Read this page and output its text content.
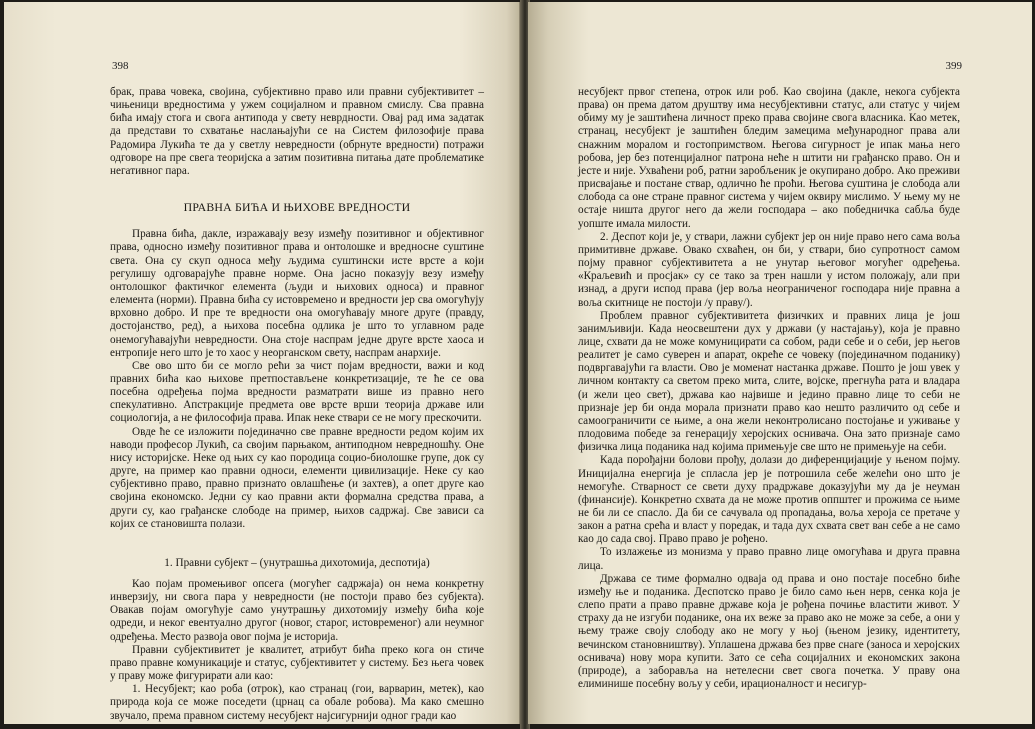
398

брак, права човека, својина, субјективно право или правни субјективитет – чињеници вредностима у ужем социјалном и правном смислу. Сва правна бића имају стога и свога антипода у свету неврдности. Овај рад има задатак да представи то схватање наслањајући се на Систем филозофије права Радомира Лукића те да у светлу невредности (обрнуте вредности) потражи одговоре на пре свега теоријска а затим позитивна питања дате проблематике негативног пара.

ПРАВНА БИЋА И ЊИХОВЕ ВРЕДНОСТИ

Правна бића, дакле, изражавају везу између позитивног и објективног права, односно између позитивног права и онтолошке и вредносне суштине света. Она су скуп односа међу људима суштински исте врсте а који регулишу одговарајуће правне норме. Она јасно показују везу између онтолошког фактичког елемента (људи и њихових односа) и правног елемента (норми). Правна бића су истовремено и вредности јер сва омогућују врховно добро. И пре те вредности она омогућавају многе друге (правду, достојанство, ред), а њихова посебна одлика је што то углавном раде онемогућавајући невредности. Она стоје наспрам једне друге врсте хаоса и ентропије него што је то хаос у неорганском свету, наспрам анархије.

Све ово што би се могло рећи за чист појам вредности, важи и код правних бића као њихове претпостављене конкретизације, те ће се ова посебна одређења појма вредности разматрати више из правно него спекулативно. Апстракције предмета ове врсте врши теорија државе или социологија, а не философија права. Ипак неке ствари се не могу прескочити.

Овде ће се изложити појединачно све правне вредности редом којим их наводи професор Лукић, са својим парњаком, антиподном невредношћу. Оне нису историјске. Неке од њих су као породица социо-биолошке групе, док су друге, на пример као правни односи, елементи цивилизације. Неке су као субјективно право, правно признато овлашћење (и захтев), а опет друге као својина економско. Једни су као правни акти формална средства права, а други су, као грађанске слободе на пример, њихов садржај. Све зависи са којих се становишта полази.

1. Правни субјект – (унутрашња дихотомија, деспотија)

Као појам промењивог опсега (могућег садржаја) он нема конкретну инверзију, ни свога пара у невредности (не постоји право без субјекта). Овакав појам омогућује само унутрашњу дихотомију између бића које одреди, и неког евентуално другог (новог, старог, истовременог) али неумног одређења. Место развоја овог појма је историја.

Правни субјективитет је квалитет, атрибут бића преко кога он стиче право правне комуникације и статус, субјективитет у систему. Без њега човек у праву може фигурирати али као:

1. Несубјект; као роба (отрок), као странац (гои, варварин, метек), као природа која се може поседети (црнац са обале робова). Ма како смешно звучало, према правном систему несубјект најсигурнији одног гради као

399

несубјект првог степена, отрок или роб. Као својина (дакле, некога субјекта права) он према датом друштву има несубјективни статус, али статус у чијем обиму му је заштићена личност преко права својине свога власника. Као метек, странац, несубјект је заштићен бледим замецима међународног права али снажним моралом и гостопримством. Његова сигурност је ипак мања него робова, јер без потенцијалног патрона неће н штити ни грађанско право. Он и јесте и није. Ухваћени роб, ратни заробљеник је окупирано добро. Ако преживи присвајање и постане ствар, одлично ће проћи. Његова суштина је слобода али слобода са оне стране правног система у чијем оквиру мислимо. У њему му не остаје ништа другог него да жели господара – ако победничка сабља буде уопште имала милости.

2. Деспот који је, у ствари, лажни субјект јер он није право него сама воља примитивне државе. Овако схваћен, он би, у ствари, био супротност самом појму правног субјективитета а не унутар његовог могућег одређења. «Краљевић и просјак» су се тако за трен нашли у истом положају, али при изнад, а други испод права (јер воља неограниченог господара није правна а воља скитнице не постоји /у праву/).

Проблем правног субјективитета физичких и правних лица је још занимљивији. Када неосвештени дух у држави (у настајању), која је правно лице, схвати да не може комуницирати са собом, ради себе и о себи, јер његов реалитет је само суверен и апарат, окреће се човеку (појединачном поданику) подвргавајући га власти. Ово је моменат настанка државе. Пошто је још увек у личном контакту са светом преко мита, слите, војске, прегнућа рата и владара (и жели цео свет), држава као највише и једино правно лице то себи не признаје јер би онда морала признати право као нешто различито од себе и самоограничити се њиме, а она жели неконтролисано постојање и уживање у плодовима победе за генерацију херојских оснивача. Она зато признаје само физичка лица поданика над којима примењује све што не примењује на себи.

Када порођајни болови прођу, долази до диференцијације у њеном појму. Иницијална енергија је спласла јер је потрошила себе желећи оно што је немогуће. Стварност се свети духу прадржаве доказујући му да је неуман (финансије). Конкретно схвата да не може против оппштег и прожима се њиме не би ли се спасло. Да би се сачувала од пропадања, воља хероја се претаче у закон а ратна срећа и власт у поредак, и тада дух схвата свет ван себе а не само као до сада свој. Право право је рођено.

То излажење из монизма у право правно лице омогућава и друга правна лица.

Држава се тиме формално одваја од права и оно постаје посебно биће између ње и поданика. Деспотско право је било само њен нерв, сенка која је слепо прати а право правне државе која је рођена почиње властити живот. У страху да не изгуби поданике, она их веже за право ако не може за себе, а они у њему траже своју слободу ако не могу у њој (њеном језику, идентитету, вечинском становништву). Уплашена држава без прве снаге (заноса и херојских оснивача) нову мора купити. Зато се сећа социјалних и економских закона (природе), а заборавља на нетелесни свет свога почетка. У праву она елиминише посебну вољу у себи, ирационалност и несигур-
